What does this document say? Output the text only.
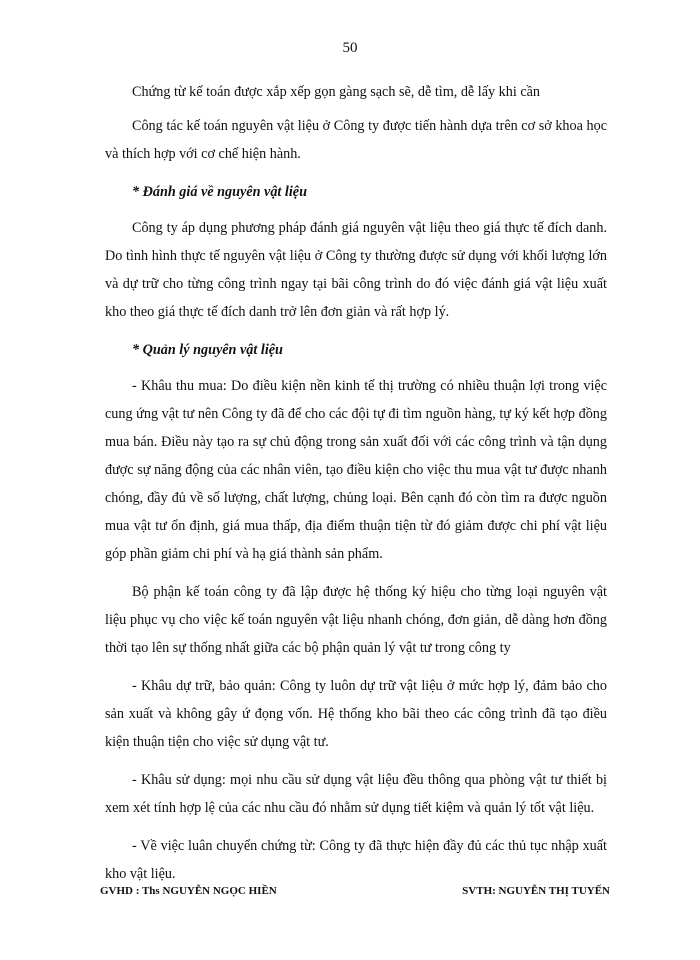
50

Chứng từ kế toán được xắp xếp gọn gàng sạch sẽ, dễ tìm, dễ lấy khi cần

Công tác kế toán nguyên vật liệu ở Công ty được tiến hành dựa trên cơ sở khoa học và thích hợp với cơ chế hiện hành.

* Đánh giá về nguyên vật liệu

Công ty áp dụng phương pháp đánh giá nguyên vật liệu theo giá thực tế đích danh. Do tình hình thực tế nguyên vật liệu ở Công ty thường được sử dụng với khối lượng lớn và dự trữ cho từng công trình ngay tại bãi công trình do đó việc đánh giá vật liệu xuất kho theo giá thực tế đích danh trở lên đơn giản và rất hợp lý.

* Quản lý nguyên vật liệu

- Khâu thu mua: Do điều kiện nền kinh tế thị trường có nhiều thuận lợi trong việc cung ứng vật tư nên Công ty đã để cho các đội tự đi tìm nguồn hàng, tự ký kết hợp đồng mua bán. Điều này tạo ra sự chủ động trong sản xuất đối với các công trình và tận dụng được sự năng động của các nhân viên, tạo điều kiện cho việc thu mua vật tư được nhanh chóng, đầy đủ về số lượng, chất lượng, chủng loại. Bên cạnh đó còn tìm ra được nguồn mua vật tư ổn định, giá mua thấp, địa điểm thuận tiện từ đó giảm được chi phí vật liệu góp phần giảm chi phí và hạ giá thành sản phẩm.

Bộ phận kế toán công ty đã lập được hệ thống ký hiệu cho từng loại nguyên vật liệu phục vụ cho việc kế toán nguyên vật liệu nhanh chóng, đơn giản, dễ dàng hơn đồng thời tạo lên sự thống nhất giữa các bộ phận quản lý vật tư trong công ty

- Khâu dự trữ, bảo quản: Công ty luôn dự trữ vật liệu ở mức hợp lý, đảm bảo cho sản xuất và không gây ứ đọng vốn. Hệ thống kho bãi theo các công trình đã tạo điều kiện thuận tiện cho việc sử dụng vật tư.

- Khâu sử dụng: mọi nhu cầu sử dụng vật liệu đều thông qua phòng vật tư thiết bị xem xét tính hợp lệ của các nhu cầu đó nhằm sử dụng tiết kiệm và quản lý tốt vật liệu.

- Về việc luân chuyển chứng từ: Công ty đã thực hiện đầy đủ các thủ tục nhập xuất kho vật liệu.

GVHD : Ths NGUYỄN NGỌC HIỀN	SVTH: NGUYỄN THỊ TUYẾN
